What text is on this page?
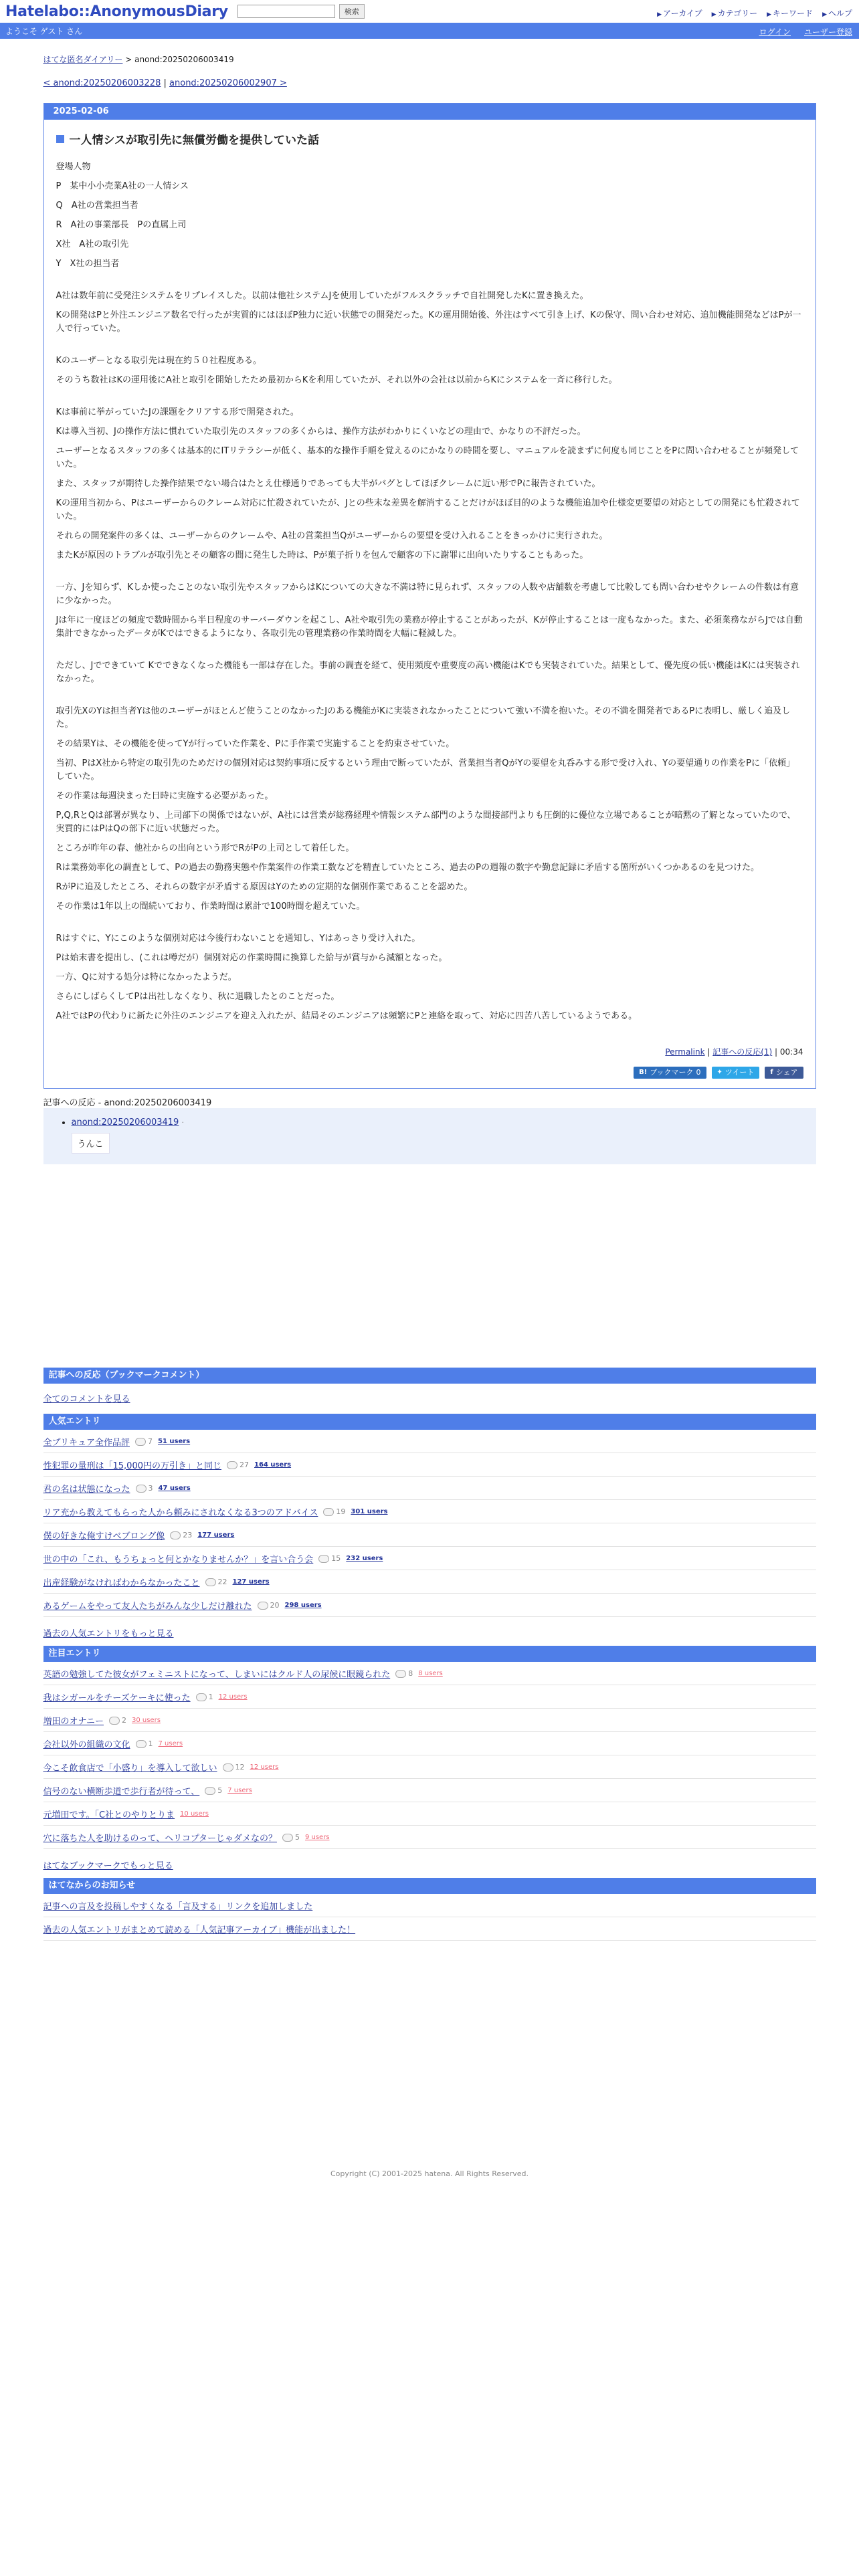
Hatelabo::AnonymousDiary	検索	▶ アーカイブ ▶ カテゴリー ▶ キーワード ▶ ヘルプ
ようこそ ゲスト さん	ログイン ユーザー登録
はてな匿名ダイアリー > anond:20250206003419
< anond:20250206003228 | anond:20250206002907 >
2025-02-06
一人情シスが取引先に無償労働を提供していた話

登場人物

P　某中小小売業A社の一人情シス

Q　A社の営業担当者

R　A社の事業部長　Pの直属上司

X社　A社の取引先

Y　X社の担当者

A社は数年前に受発注システムをリプレイスした。以前は他社システムJを使用していたがフルスクラッチで自社開発したKに置き換えた。

Kの開発はPと外注エンジニア数名で行ったが実質的にはほぼP独力に近い状態での開発だった。Kの運用開始後、外注はすべて引き上げ、Kの保守、問い合わせ対応、追加機能開発などはPが一人で行っていた。

Kのユーザーとなる取引先は現在約５０社程度ある。

そのうち数社はKの運用後にA社と取引を開始したため最初からKを利用していたが、それ以外の会社は以前からKにシステムを一斉に移行した。

Kは事前に挙がっていたJの課題をクリアする形で開発された。

Kは導入当初、Jの操作方法に慣れていた取引先のスタッフの多くからは、操作方法がわかりにくいなどの理由で、かなりの不評だった。

ユーザーとなるスタッフの多くは基本的にITリテラシーが低く、基本的な操作手順を覚えるのにかなりの時間を要し、マニュアルを読まずに何度も同じことをPに問い合わせることが頻発していた。

また、スタッフが期待した操作結果でない場合はたとえ仕様通りであっても大半がバグとしてほぼクレームに近い形でPに報告されていた。

Kの運用当初から、Pはユーザーからのクレーム対応に忙殺されていたが、Jとの些末な差異を解消することだけがほぼ目的のような機能追加や仕様変更要望の対応としての開発にも忙殺されていた。

それらの開発案件の多くは、ユーザーからのクレームや、A社の営業担当Qがユーザーからの要望を受け入れることをきっかけに実行された。

またKが原因のトラブルが取引先とその顧客の間に発生した時は、Pが菓子折りを包んで顧客の下に謝罪に出向いたりすることもあった。

一方、Jを知らず、Kしか使ったことのない取引先やスタッフからはKについての大きな不満は特に見られず、スタッフの人数や店舗数を考慮して比較しても問い合わせやクレームの件数は有意に少なかった。

Jは年に一度ほどの頻度で数時間から半日程度のサーバーダウンを起こし、A社や取引先の業務が停止することがあったが、Kが停止することは一度もなかった。また、必須業務ながらJでは自動集計できなかったデータがKではできるようになり、各取引先の管理業務の作業時間を大幅に軽減した。

ただし、Jでできていて Kでできなくなった機能も一部は存在した。事前の調査を経て、使用頻度や重要度の高い機能はKでも実装されていた。結果として、優先度の低い機能はKには実装されなかった。

取引先XのYは担当者Yは他のユーザーがほとんど使うことのなかったJのある機能がKに実装されなかったことについて強い不満を抱いた。その不満を開発者であるPに表明し、厳しく追及した。

その結果Yは、その機能を使ってYが行っていた作業を、Pに手作業で実施することを約束させていた。

当初、PはX社から特定の取引先のためだけの個別対応は契約事項に反するという理由で断っていたが、営業担当者QがYの要望を丸呑みする形で受け入れ、Yの要望通りの作業をPに「依頼」していた。

その作業は毎週決まった日時に実施する必要があった。

P,Q,RとQは部署が異なり、上司部下の関係ではないが、A社には営業が総務経理や情報システム部門のような間接部門よりも圧倒的に優位な立場であることが暗黙の了解となっていたので、実質的にはPはQの部下に近い状態だった。

ところが昨年の春、他社からの出向という形でRがPの上司として着任した。

Rは業務効率化の調査として、Pの過去の勤務実態や作業案件の作業工数などを精査していたところ、過去のPの週報の数字や勤怠記録に矛盾する箇所がいくつかあるのを見つけた。

RがPに追及したところ、それらの数字が矛盾する原因はYのための定期的な個別作業であることを認めた。

その作業は1年以上の間続いており、作業時間は累計で100時間を超えていた。

Rはすぐに、Yにこのような個別対応は今後行わないことを通知し、Yはあっさり受け入れた。

Pは始末書を提出し、(これは噂だが）個別対応の作業時間に換算した給与が賞与から減額となった。

一方、Qに対する処分は特になかったようだ。

さらにしばらくしてPは出社しなくなり、秋に退職したとのことだった。

A社ではPの代わりに新たに外注のエンジニアを迎え入れたが、結局そのエンジニアは頻繁にPと連絡を取って、対応に四苦八苦しているようである。

Permalink | 記事への反応(1) | 00:34
B! ブックマーク 0 ✦ ツイート f シェア
記事への反応 - anond:20250206003419
• anond:20250206003419 ·
うんこ
記事への反応（ブックマークコメント）
全てのコメントを見る
人気エントリ
全プリキュア全作品評 7 51 users
性犯罪の量刑は「15,000円の万引き」と同じ 27 164 users
君の名は状態になった 3 47 users
リア充から教えてもらった人から頼みにされなくなる3つのアドバイス 19 301 users
僕の好きな俺すけベブロング像 23 177 users
世の中の「これ、もうちょっと何とかなりませんか？」を言い合う会 15 232 users
出産経験がなければわからなかったこと 22 127 users
あるゲームをやって友人たちがみんな少しだけ離れた 20 298 users
過去の人気エントリをもっと見る
注目エントリ
英語の勉強してた彼女がフェミニストになって、しまいにはクルド人の尿候に眼鏡られた 8 8 users
我はシガールをチーズケーキに使った 1 12 users
増田のオナニー 2 30 users
会社以外の組織の文化 1 7 users
今こそ飲食店で「小盛り」を導入して欲しい 12 12 users
信号のない横断歩道で歩行者が待って、 5 7 users
元増田です。「C社とのやりとりま 10 users
穴に落ちた人を助けるのって、ヘリコプターじゃダメなの？ 5 9 users
はてなブックマークでもっと見る
はてなからのお知らせ
記事への言及を投稿しやすくなる「言及する」リンクを追加しました
過去の人気エントリがまとめて読める「人気記事アーカイブ」機能が出ました！
Copyright (C) 2001-2025 hatena. All Rights Reserved.
